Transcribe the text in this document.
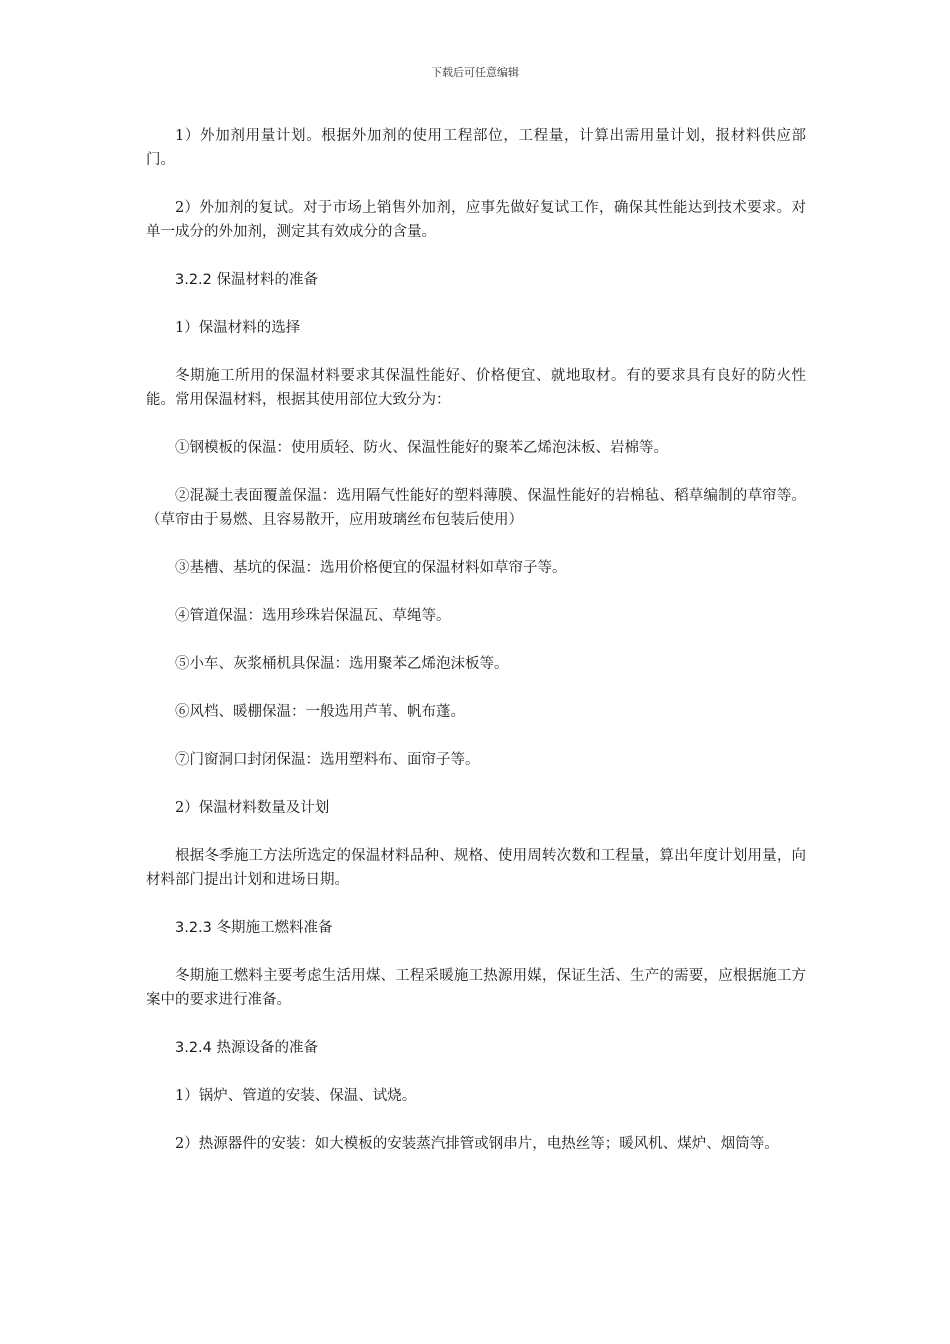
下载后可任意编辑

1）外加剂用量计划。根据外加剂的使用工程部位，工程量，计算出需用量计划，报材料供应部门。

2）外加剂的复试。对于市场上销售外加剂，应事先做好复试工作，确保其性能达到技术要求。对单一成分的外加剂，测定其有效成分的含量。

3.2.2 保温材料的准备

1）保温材料的选择

冬期施工所用的保温材料要求其保温性能好、价格便宜、就地取材。有的要求具有良好的防火性能。常用保温材料，根据其使用部位大致分为：

①钢模板的保温：使用质轻、防火、保温性能好的聚苯乙烯泡沫板、岩棉等。

②混凝土表面覆盖保温：选用隔气性能好的塑料薄膜、保温性能好的岩棉毡、稻草编制的草帘等。（草帘由于易燃、且容易散开，应用玻璃丝布包装后使用）

③基槽、基坑的保温：选用价格便宜的保温材料如草帘子等。

④管道保温：选用珍珠岩保温瓦、草绳等。

⑤小车、灰浆桶机具保温：选用聚苯乙烯泡沫板等。

⑥风档、暖棚保温：一般选用芦苇、帆布蓬。

⑦门窗洞口封闭保温：选用塑料布、面帘子等。

2）保温材料数量及计划

根据冬季施工方法所选定的保温材料品种、规格、使用周转次数和工程量，算出年度计划用量，向材料部门提出计划和进场日期。

3.2.3 冬期施工燃料准备

冬期施工燃料主要考虑生活用煤、工程采暖施工热源用媒，保证生活、生产的需要，应根据施工方案中的要求进行准备。

3.2.4 热源设备的准备

1）锅炉、管道的安装、保温、试烧。

2）热源器件的安装：如大模板的安装蒸汽排管或钢串片，电热丝等；暖风机、煤炉、烟筒等。
